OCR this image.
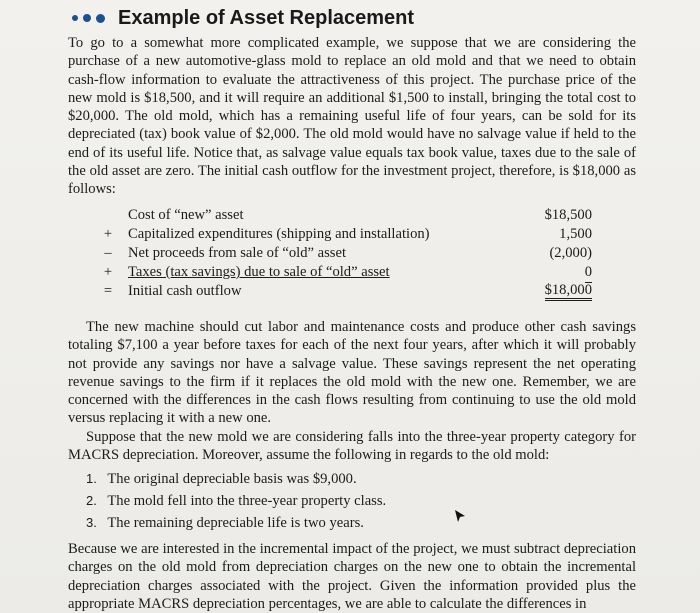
Example of Asset Replacement
To go to a somewhat more complicated example, we suppose that we are considering the purchase of a new automotive-glass mold to replace an old mold and that we need to obtain cash-flow information to evaluate the attractiveness of this project. The purchase price of the new mold is $18,500, and it will require an additional $1,500 to install, bringing the total cost to $20,000. The old mold, which has a remaining useful life of four years, can be sold for its depreciated (tax) book value of $2,000. The old mold would have no salvage value if held to the end of its useful life. Notice that, as salvage value equals tax book value, taxes due to the sale of the old asset are zero. The initial cash outflow for the investment project, therefore, is $18,000 as follows:
Cost of “new” asset	$18,500
+	Capitalized expenditures (shipping and installation)	1,500
–	Net proceeds from sale of “old” asset	(2,000)
+	Taxes (tax savings) due to sale of “old” asset	0
=	Initial cash outflow	$18,000
The new machine should cut labor and maintenance costs and produce other cash savings totaling $7,100 a year before taxes for each of the next four years, after which it will probably not provide any savings nor have a salvage value. These savings represent the net operating revenue savings to the firm if it replaces the old mold with the new one. Remember, we are concerned with the differences in the cash flows resulting from continuing to use the old mold versus replacing it with a new one.
Suppose that the new mold we are considering falls into the three-year property category for MACRS depreciation. Moreover, assume the following in regards to the old mold:
1. The original depreciable basis was $9,000.
2. The mold fell into the three-year property class.
3. The remaining depreciable life is two years.
Because we are interested in the incremental impact of the project, we must subtract depreciation charges on the old mold from depreciation charges on the new one to obtain the incremental depreciation charges associated with the project. Given the information provided plus the appropriate MACRS depreciation percentages, we are able to calculate the differences in
